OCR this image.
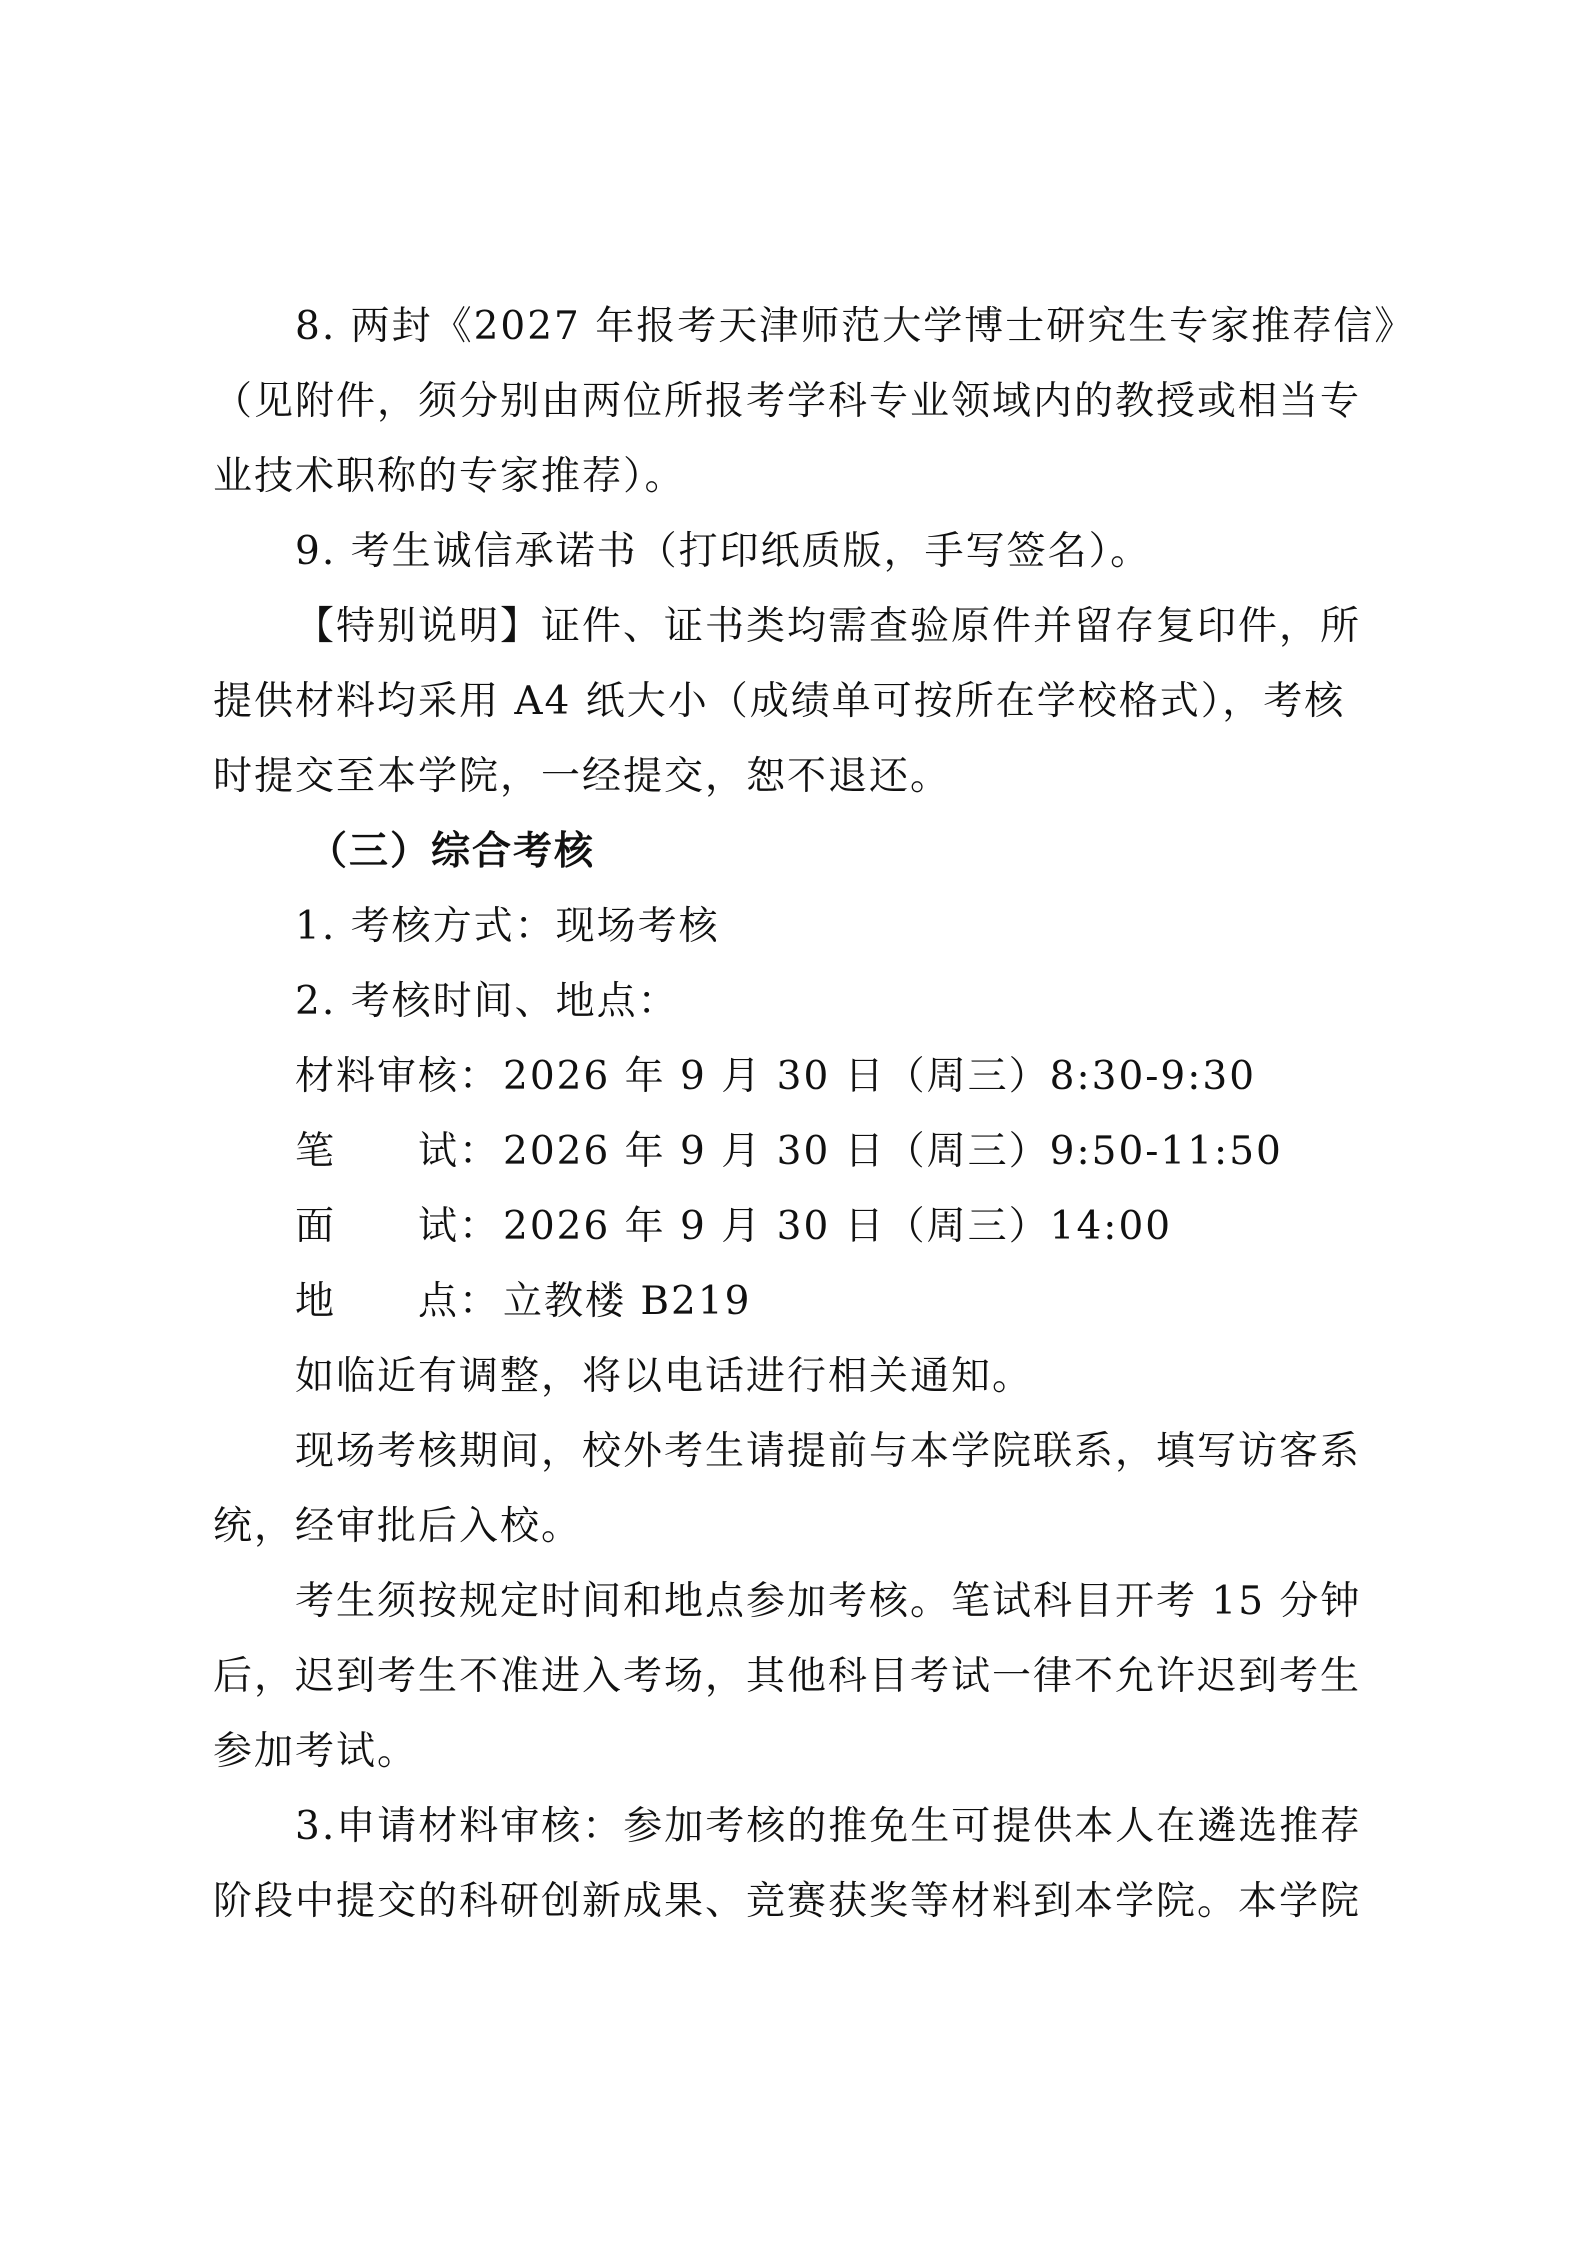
8. 两封《2027 年报考天津师范大学博士研究生专家推荐信》
（见附件，须分别由两位所报考学科专业领域内的教授或相当专
业技术职称的专家推荐）。
9. 考生诚信承诺书（打印纸质版，手写签名）。
【特别说明】证件、证书类均需查验原件并留存复印件，所
提供材料均采用 A4 纸大小（成绩单可按所在学校格式），考核
时提交至本学院，一经提交，恕不退还。
（三）综合考核
1. 考核方式：现场考核
2. 考核时间、地点：
材料审核：2026 年 9 月 30 日（周三）8:30-9:30
笔　　试：2026 年 9 月 30 日（周三）9:50-11:50
面　　试：2026 年 9 月 30 日（周三）14:00
地　　点：立教楼 B219
如临近有调整，将以电话进行相关通知。
现场考核期间，校外考生请提前与本学院联系，填写访客系
统，经审批后入校。
考生须按规定时间和地点参加考核。笔试科目开考 15 分钟
后，迟到考生不准进入考场，其他科目考试一律不允许迟到考生
参加考试。
3.申请材料审核：参加考核的推免生可提供本人在遴选推荐
阶段中提交的科研创新成果、竞赛获奖等材料到本学院。本学院
